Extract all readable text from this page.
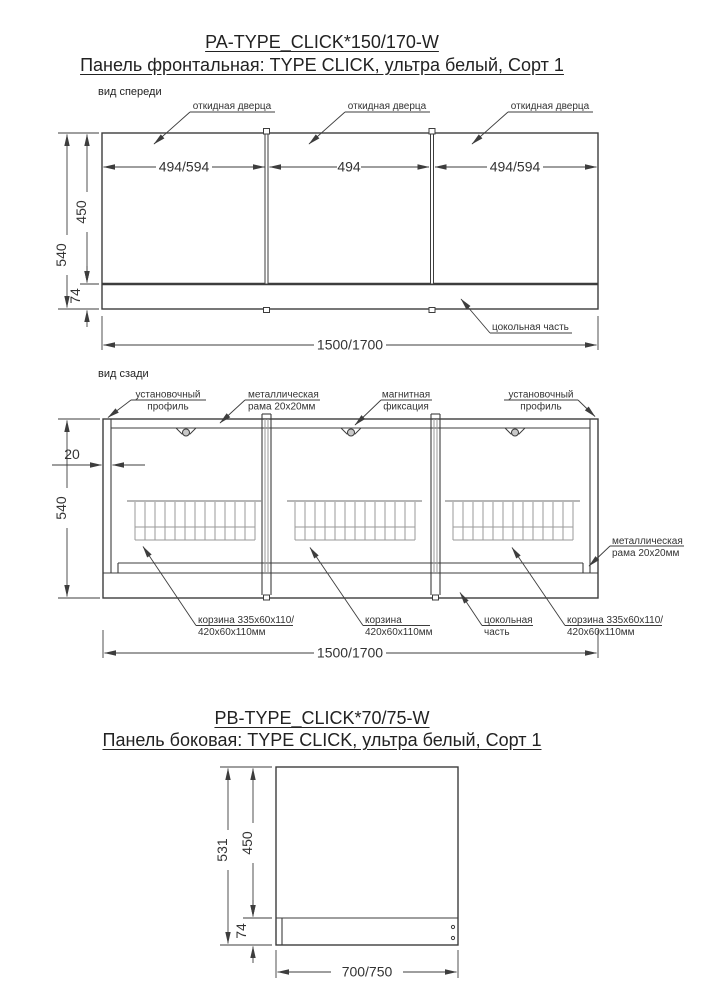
PA-TYPE_CLICK*150/170-W
Панель фронтальная: TYPE CLICK, ультра белый, Сорт 1
вид спереди
вид сзади
PB-TYPE_CLICK*70/75-W
Панель боковая: TYPE CLICK, ультра белый, Сорт 1
494/594	494	494/594
откидная дверца	откидная дверца	откидная дверца
540
450
74
1500/1700
цокольная часть
установочный
профиль
металлическая
рама 20x20мм
магнитная
фиксация
установочный
профиль
металлическая
рама 20x20мм
корзина 335x60x110/
420x60x110мм
корзина
420x60x110мм
цокольная
часть
корзина 335x60x110/
420x60x110мм
540
20
1500/1700
531 450
74
700/750
